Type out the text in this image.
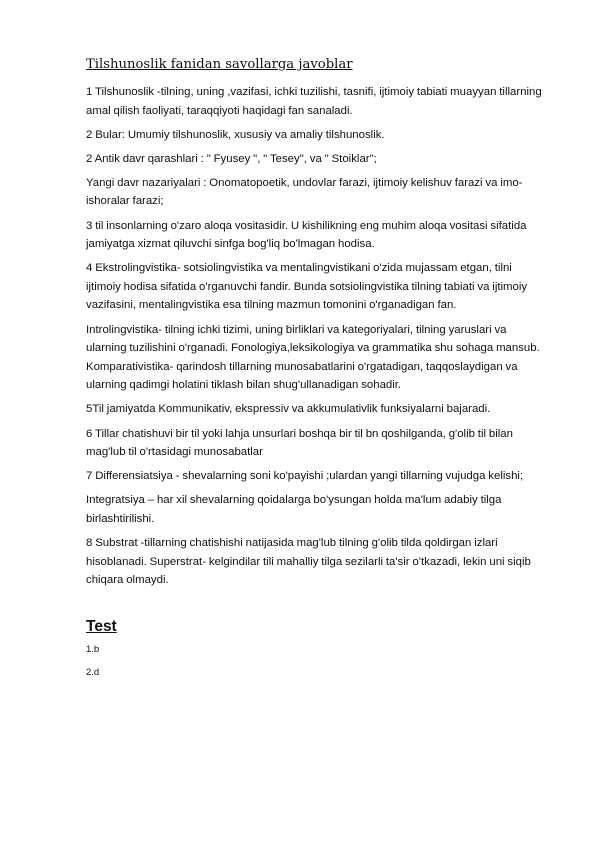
Tilshunoslik fanidan savollarga javoblar

1 Tilshunoslik -tilning, uning ,vazifasi, ichki tuzilishi, tasnifi, ijtimoiy tabiati muayyan tillarning amal qilish faoliyati, taraqqiyoti haqidagi fan sanaladi.

2 Bular: Umumiy tilshunoslik, xususiy va amaliy tilshunoslik.

2 Antik davr qarashlari : " Fyusey ", " Tesey", va " Stoiklar";

Yangi davr nazariyalari : Onomatopoetik, undovlar farazi, ijtimoiy kelishuv farazi va imo- ishoralar farazi;

3 til insonlarning o'zaro aloqa vositasidir. U kishilikning eng muhim aloqa vositasi sifatida jamiyatga xizmat qiluvchi sinfga bog'liq bo'lmagan hodisa.

4 Ekstrolingvistika- sotsiolingvistika va mentalingvistikani o'zida mujassam etgan, tilni ijtimoiy hodisa sifatida o'rganuvchi fandir. Bunda sotsiolingvistika tilning tabiati va ijtimoiy vazifasini, mentalingvistika esa tilning mazmun tomonini o'rganadigan fan.

Introlingvistika- tilning ichki tizimi, uning birliklari va kategoriyalari, tilning yaruslari va ularning tuzilishini o'rganadi. Fonologiya,leksikologiya va grammatika shu sohaga mansub. Komparativistika- qarindosh tillarning munosabatlarini o'rgatadigan, taqqoslaydigan va ularning qadimgi holatini tiklash bilan shug'ullanadigan sohadir.

5Til jamiyatda Kommunikativ, ekspressiv va akkumulativlik funksiyalarni bajaradi.

6 Tillar chatishuvi bir til yoki lahja unsurlari boshqa bir til bn qoshilganda, g'olib til bilan mag'lub til o'rtasidagi munosabatlar

7 Differensiatsiya - shevalarning soni ko'payishi ;ulardan yangi tillarning vujudga kelishi;

Integratsiya – har xil shevalarning qoidalarga bo'ysungan holda ma'lum adabiy tilga birlashtirilishi.

8 Substrat -tillarning chatishishi natijasida mag'lub tilning g'olib tilda qoldirgan izlari hisoblanadi. Superstrat- kelgindilar tili mahalliy tilga sezilarli ta'sir o'tkazadi, lekin uni siqib chiqara olmaydi.

Test
1.b
2.d
